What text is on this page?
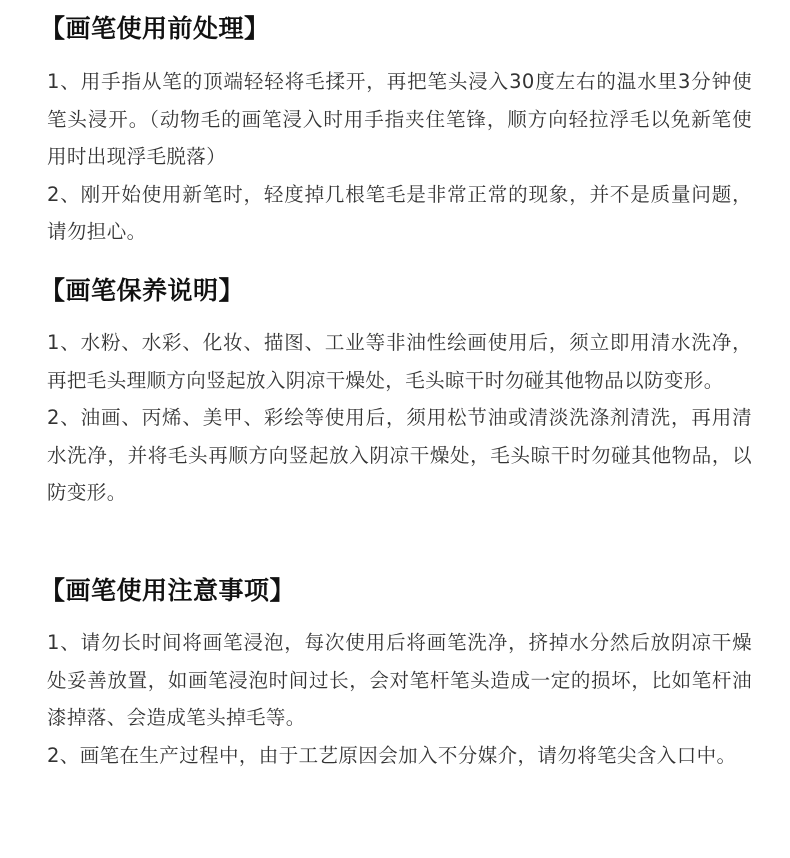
【画笔使用前处理】
1、用手指从笔的顶端轻轻将毛揉开，再把笔头浸入30度左右的温水里3分钟使笔头浸开。（动物毛的画笔浸入时用手指夹住笔锋，顺方向轻拉浮毛以免新笔使用时出现浮毛脱落）
2、刚开始使用新笔时，轻度掉几根笔毛是非常正常的现象，并不是质量问题，请勿担心。
【画笔保养说明】
1、水粉、水彩、化妆、描图、工业等非油性绘画使用后，须立即用清水洗净，再把毛头理顺方向竖起放入阴凉干燥处，毛头晾干时勿碰其他物品以防变形。
2、油画、丙烯、美甲、彩绘等使用后，须用松节油或清淡洗涤剂清洗，再用清水洗净，并将毛头再顺方向竖起放入阴凉干燥处，毛头晾干时勿碰其他物品，以防变形。
【画笔使用注意事项】
1、请勿长时间将画笔浸泡，每次使用后将画笔洗净，挤掉水分然后放阴凉干燥处妥善放置，如画笔浸泡时间过长，会对笔杆笔头造成一定的损坏，比如笔杆油漆掉落、会造成笔头掉毛等。
2、画笔在生产过程中，由于工艺原因会加入不分媒介，请勿将笔尖含入口中。
